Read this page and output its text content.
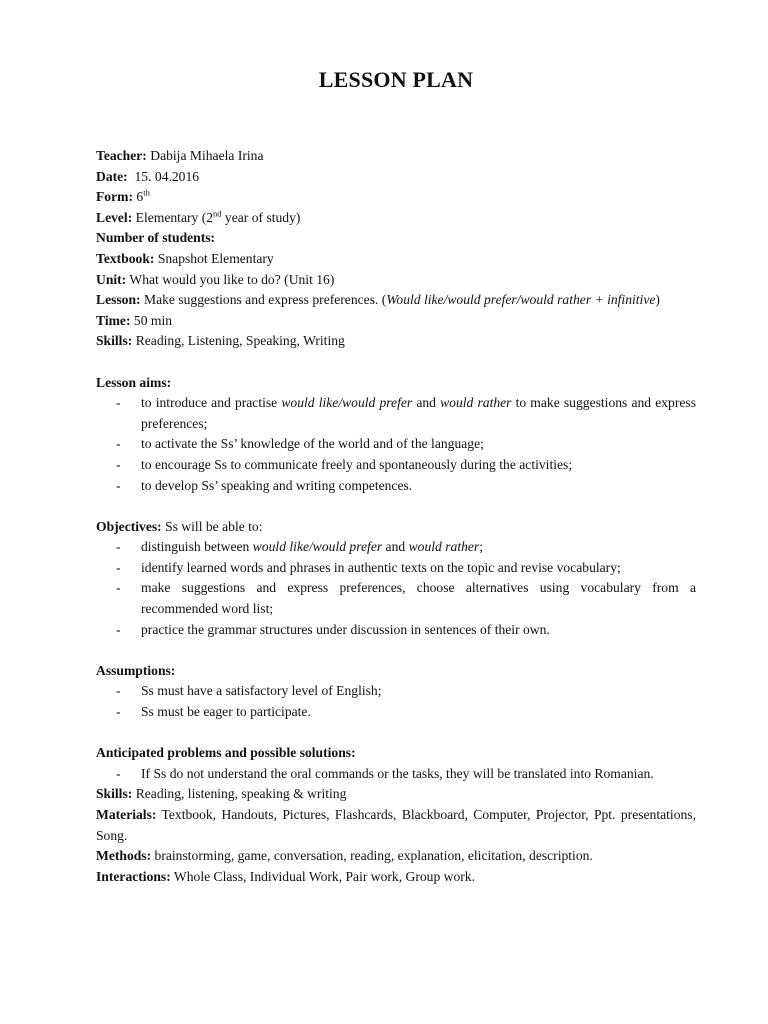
LESSON PLAN

Teacher: Dabija Mihaela Irina

Date: 15. 04.2016

Form: 6th

Level: Elementary (2nd year of study)

Number of students:

Textbook: Snapshot Elementary

Unit: What would you like to do? (Unit 16)

Lesson: Make suggestions and express preferences. (Would like/would prefer/would rather + infinitive)

Time: 50 min

Skills: Reading, Listening, Speaking, Writing

Lesson aims:

- to introduce and practise would like/would prefer and would rather to make suggestions and express preferences;
- to activate the Ss’ knowledge of the world and of the language;
- to encourage Ss to communicate freely and spontaneously during the activities;
- to develop Ss’ speaking and writing competences.

Objectives: Ss will be able to:

- distinguish between would like/would prefer and would rather;
- identify learned words and phrases in authentic texts on the topic and revise vocabulary;
- make suggestions and express preferences, choose alternatives using vocabulary from a recommended word list;
- practice the grammar structures under discussion in sentences of their own.

Assumptions:

- Ss must have a satisfactory level of English;
- Ss must be eager to participate.

Anticipated problems and possible solutions:

- If Ss do not understand the oral commands or the tasks, they will be translated into Romanian.

Skills: Reading, listening, speaking & writing

Materials: Textbook, Handouts, Pictures, Flashcards, Blackboard, Computer, Projector, Ppt. presentations, Song.

Methods: brainstorming, game, conversation, reading, explanation, elicitation, description.

Interactions: Whole Class, Individual Work, Pair work, Group work.
